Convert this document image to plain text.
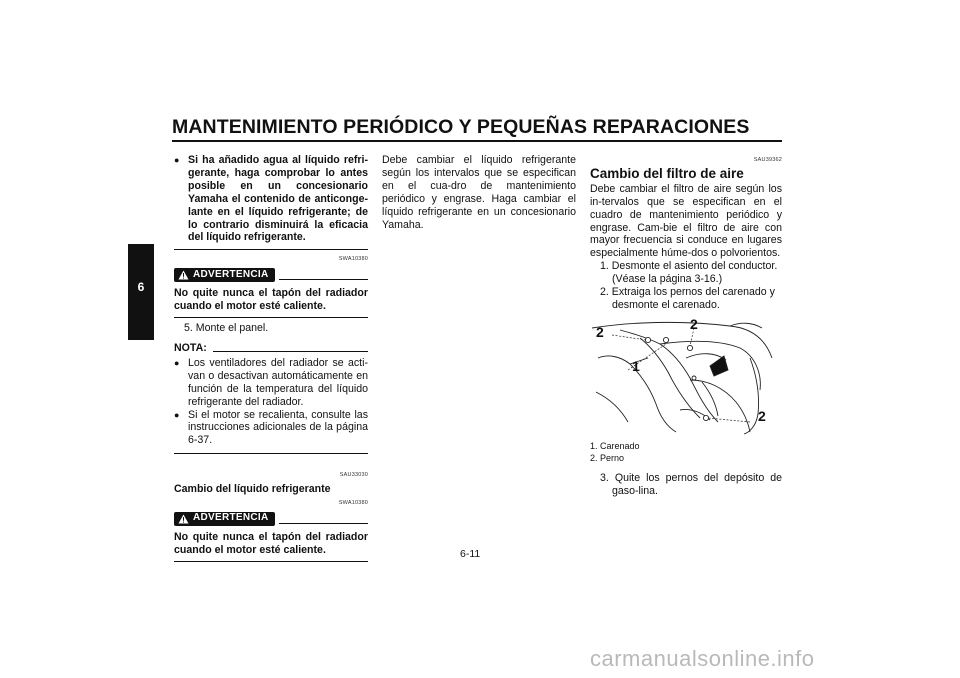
MANTENIMIENTO PERIÓDICO Y PEQUEÑAS REPARACIONES
6
● Si ha añadido agua al líquido refri-gerante, haga comprobar lo antes posible en un concesionario Yamaha el contenido de anticonge-lante en el líquido refrigerante; de lo contrario disminuirá la eficacia del líquido refrigerante.
SWA10380
ADVERTENCIA
No quite nunca el tapón del radiador cuando el motor esté caliente.
5. Monte el panel.
NOTA:
● Los ventiladores del radiador se acti-van o desactivan automáticamente en función de la temperatura del líquido refrigerante del radiador.
● Si el motor se recalienta, consulte las instrucciones adicionales de la página 6-37.
SAU33030
Cambio del líquido refrigerante
SWA10380
ADVERTENCIA
No quite nunca el tapón del radiador cuando el motor esté caliente.
Debe cambiar el líquido refrigerante según los intervalos que se especifican en el cua-dro de mantenimiento periódico y engrase. Haga cambiar el líquido refrigerante en un concesionario Yamaha.
SAU39362
Cambio del filtro de aire
Debe cambiar el filtro de aire según los in-tervalos que se especifican en el cuadro de mantenimiento periódico y engrase. Cam-bie el filtro de aire con mayor frecuencia si conduce en lugares especialmente húme-dos o polvorientos.
1. Desmonte el asiento del conductor. (Véase la página 3-16.)
2. Extraiga los pernos del carenado y desmonte el carenado.
2	2
1
2
1. Carenado
2. Perno
3. Quite los pernos del depósito de gaso-lina.
6-11
carmanualsonline.info
